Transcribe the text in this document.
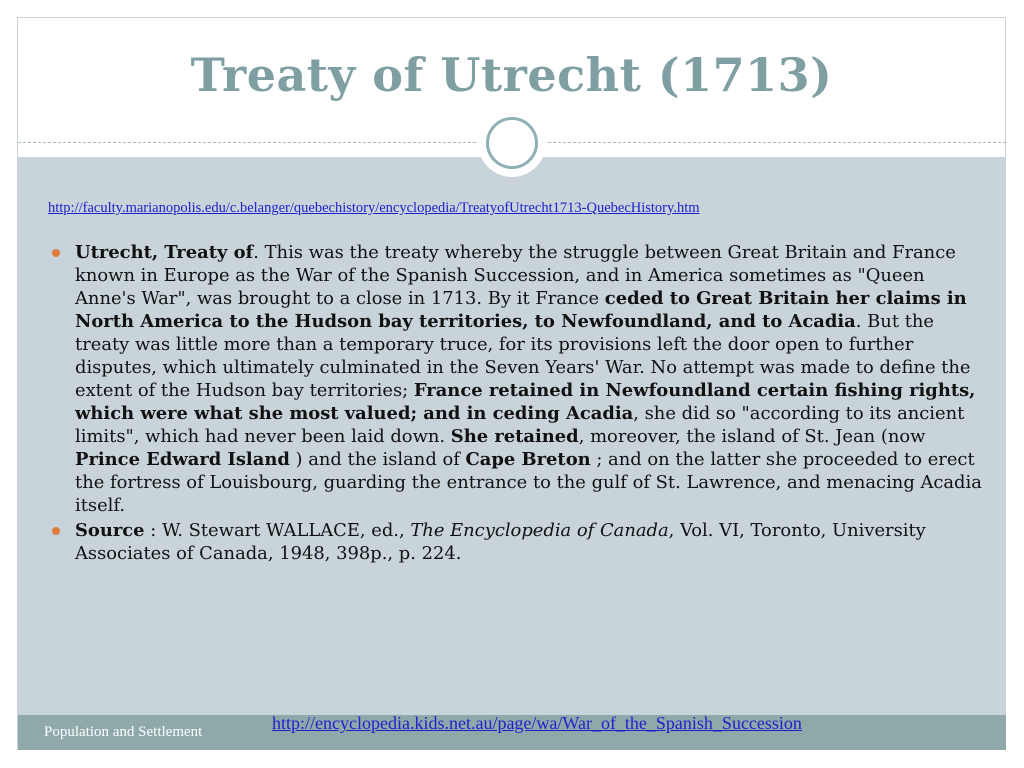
Treaty of Utrecht (1713)
http://faculty.marianopolis.edu/c.belanger/quebechistory/encyclopedia/TreatyofUtrecht1713-QuebecHistory.htm
Utrecht, Treaty of. This was the treaty whereby the struggle between Great Britain and France known in Europe as the War of the Spanish Succession, and in America sometimes as "Queen Anne's War", was brought to a close in 1713. By it France ceded to Great Britain her claims in North America to the Hudson bay territories, to Newfoundland, and to Acadia. But the treaty was little more than a temporary truce, for its provisions left the door open to further disputes, which ultimately culminated in the Seven Years' War. No attempt was made to define the extent of the Hudson bay territories; France retained in Newfoundland certain fishing rights, which were what she most valued; and in ceding Acadia, she did so "according to its ancient limits", which had never been laid down. She retained, moreover, the island of St. Jean (now Prince Edward Island ) and the island of Cape Breton ; and on the latter she proceeded to erect the fortress of Louisbourg, guarding the entrance to the gulf of St. Lawrence, and menacing Acadia itself.
Source : W. Stewart WALLACE, ed., The Encyclopedia of Canada, Vol. VI, Toronto, University Associates of Canada, 1948, 398p., p. 224.
Population and Settlement	http://encyclopedia.kids.net.au/page/wa/War_of_the_Spanish_Succession
